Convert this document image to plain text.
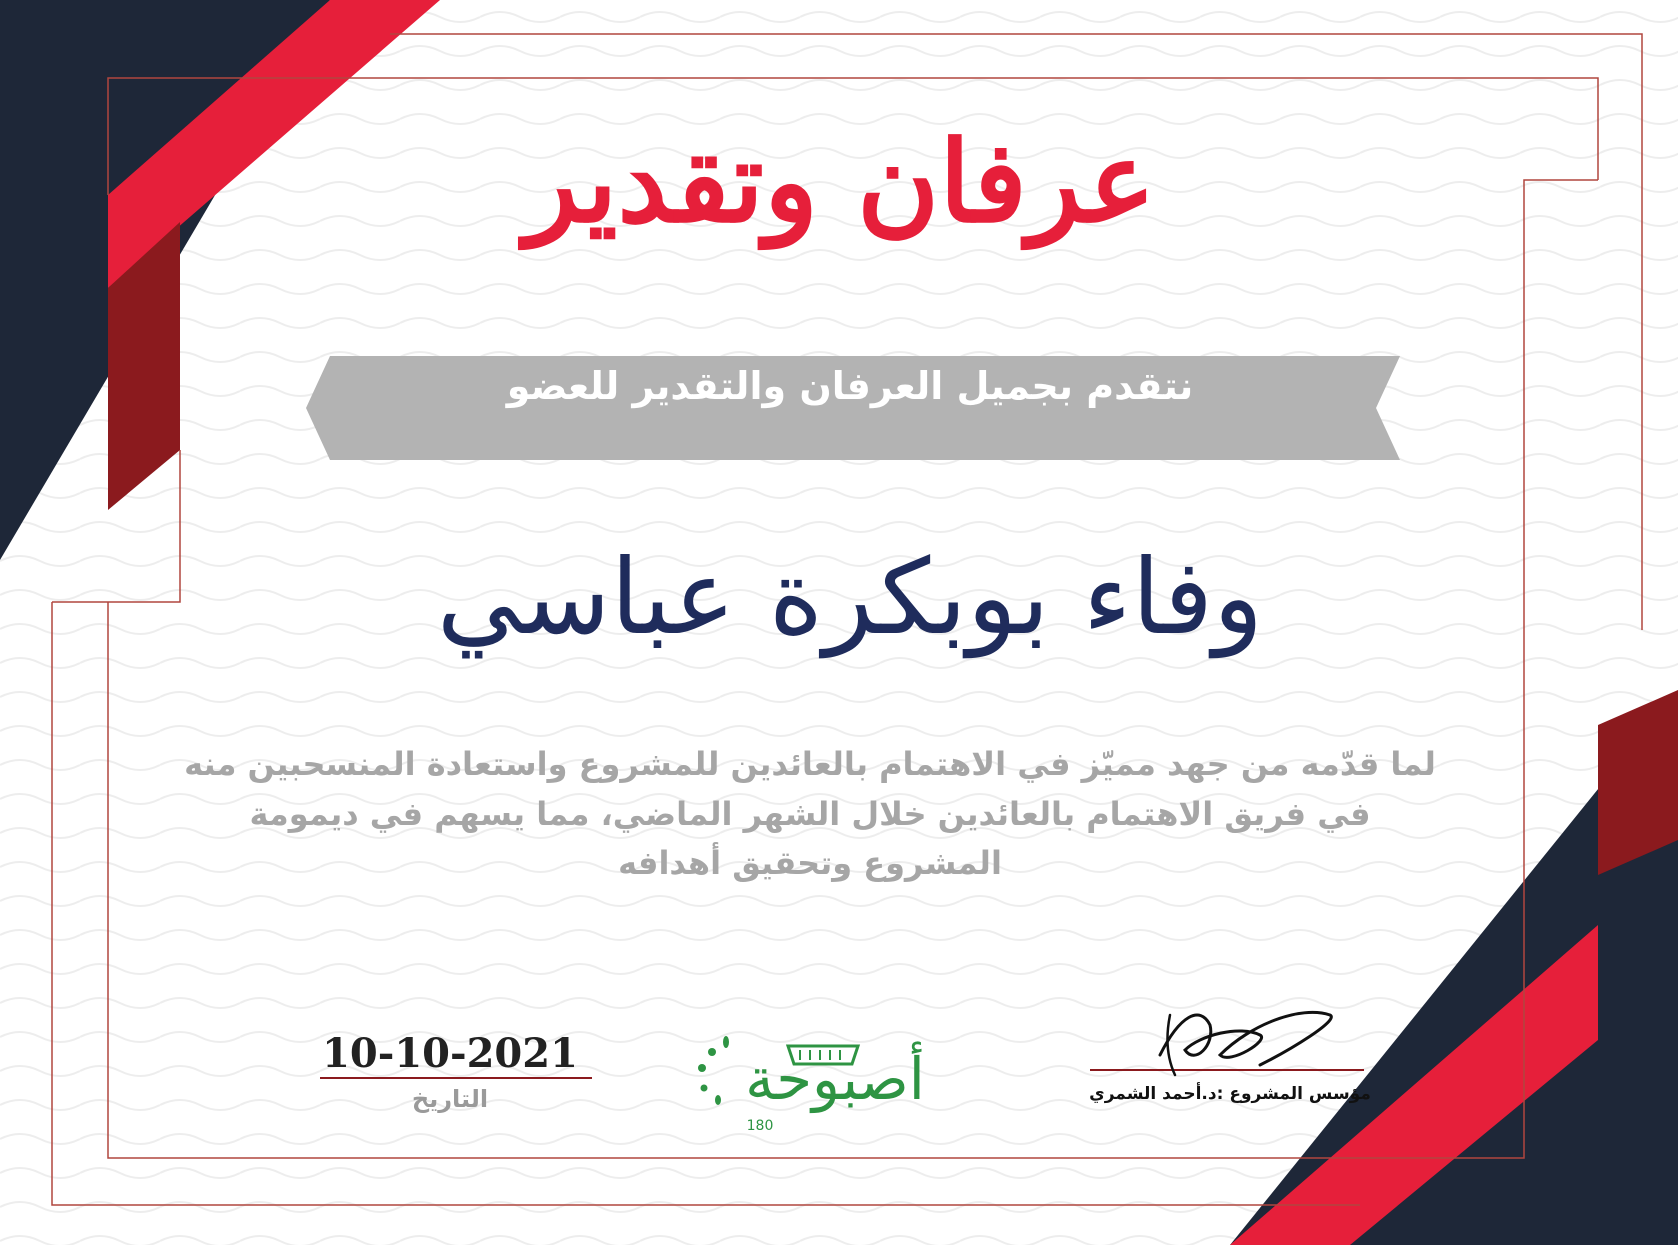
عرفان وتقدير
نتقدم بجميل العرفان والتقدير للعضو
وفاء بوبكرة عباسي
لما قدّمه من جهد مميّز في الاهتمام بالعائدين للمشروع واستعادة المنسحبين منه في فريق الاهتمام بالعائدين خلال الشهر الماضي، مما يسهم في ديمومة المشروع وتحقيق أهدافه
10-10-2021
التاريخ	أصبوحة
180
مؤسس المشروع :د.أحمد الشمري
